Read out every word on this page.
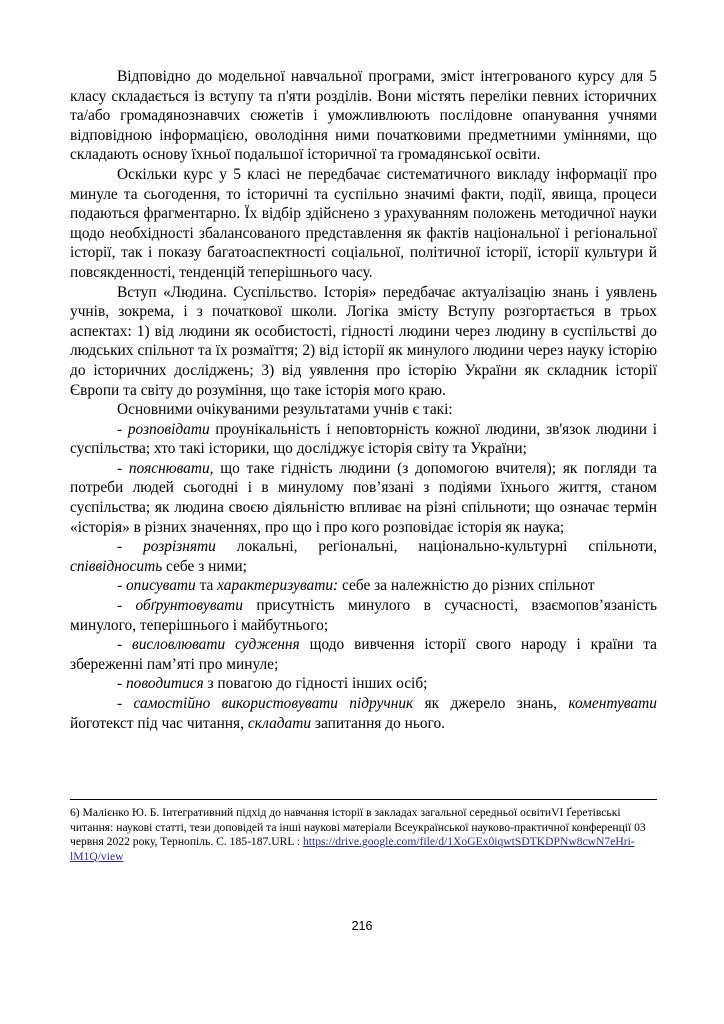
Відповідно до модельної навчальної програми, зміст інтегрованого курсу для 5 класу складається із вступу та п'яти розділів. Вони містять переліки певних історичних та/або громадянознавчих сюжетів і уможливлюють послідовне опанування учнями відповідною інформацією, оволодіння ними початковими предметними уміннями, що складають основу їхньої подальшої історичної та громадянської освіти.

Оскільки курс у 5 класі не передбачає систематичного викладу інформації про минуле та сьогодення, то історичні та суспільно значимі факти, події, явища, процеси подаються фрагментарно. Їх відбір здійснено з урахуванням положень методичної науки щодо необхідності збалансованого представлення як фактів національної і регіональної історії, так і показу багатоаспектності соціальної, політичної історії, історії культури й повсякденності, тенденцій теперішнього часу.

Вступ «Людина. Суспільство. Історія» передбачає актуалізацію знань і уявлень учнів, зокрема, і з початкової школи. Логіка змісту Вступу розгортається в трьох аспектах: 1) від людини як особистості, гідності людини через людину в суспільстві до людських спільнот та їх розмаїття; 2) від історії як минулого людини через науку історію до історичних досліджень; 3) від уявлення про історію України як складник історії Європи та світу до розуміння, що таке історія мого краю.

Основними очікуваними результатами учнів є такі:

- розповідати проунікальність і неповторність кожної людини, зв'язок людини і суспільства; хто такі історики, що досліджує історія світу та України;

- пояснювати, що таке гідність людини (з допомогою вчителя); як погляди та потреби людей сьогодні і в минулому пов’язані з подіями їхнього життя, станом суспільства; як людина своєю діяльністю впливає на різні спільноти; що означає термін «історія» в різних значеннях, про що і про кого розповідає історія як наука;

- розрізняти локальні, регіональні, національно-культурні спільноти, співвідносить себе з ними;

- описувати та характеризувати: себе за належністю до різних спільнот

- обґрунтовувати присутність минулого в сучасності, взаємопов’язаність минулого, теперішнього і майбутнього;

- висловлювати судження щодо вивчення історії свого народу і країни та збереженні пам’яті про минуле;

- поводитися з повагою до гідності інших осіб;

- самостійно використовувати підручник як джерело знань, коментувати йоготекст під час читання, складати запитання до нього.

6) Малієнко Ю. Б. Інтегративний підхід до навчання історії в закладах загальної середньої освітиVI Ґеретівські читання: наукові статті, тези доповідей та інші наукові матеріали Всеукраїнської науково-практичної конференції 03 червня 2022 року, Тернопіль. С. 185-187.URL : https://drive.google.com/file/d/1XoGEx0iqwtSDTKDPNw8cwN7eHri-lM1Q/view
216
